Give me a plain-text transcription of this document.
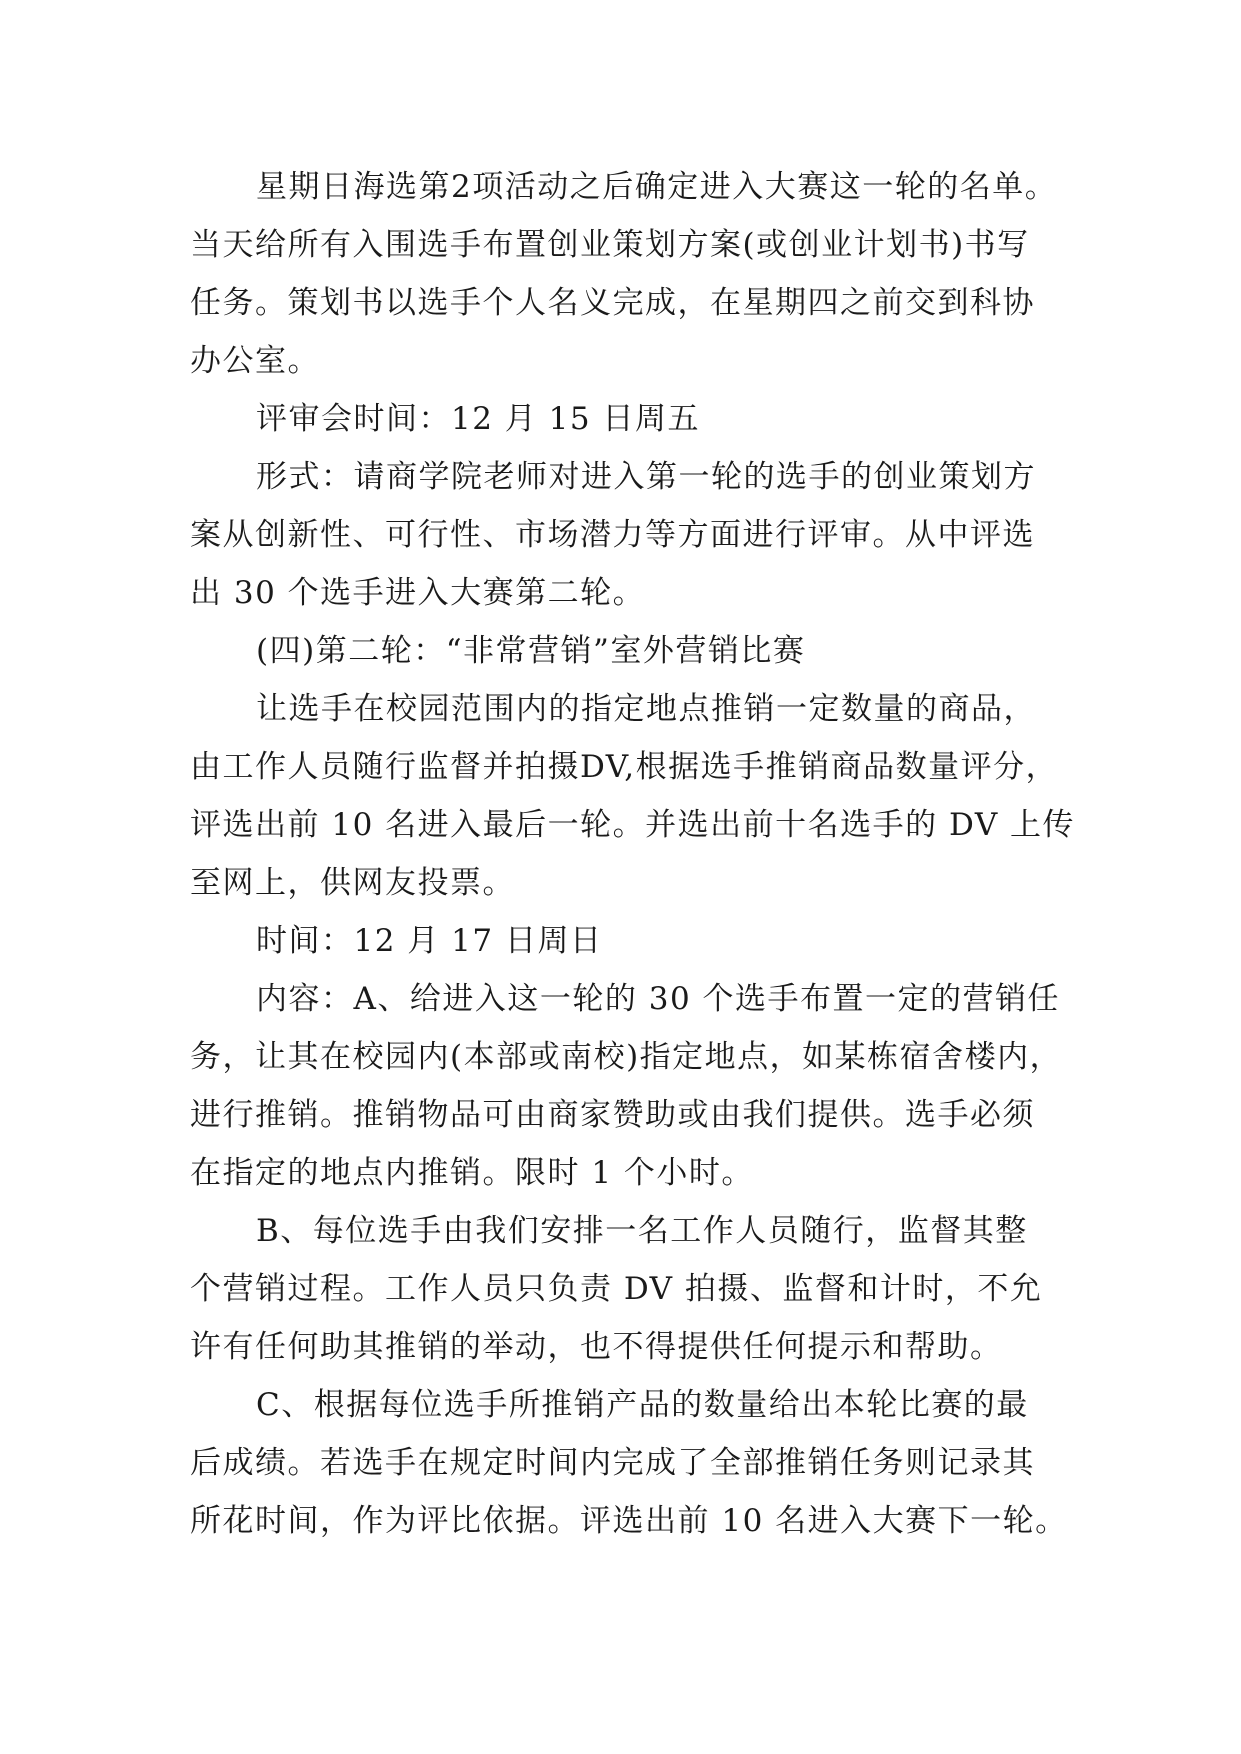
星期日海选第2项活动之后确定进入大赛这一轮的名单。
当天给所有入围选手布置创业策划方案(或创业计划书)书写
任务。策划书以选手个人名义完成，在星期四之前交到科协
办公室。
评审会时间：12 月 15 日周五
形式：请商学院老师对进入第一轮的选手的创业策划方
案从创新性、可行性、市场潜力等方面进行评审。从中评选
出 30 个选手进入大赛第二轮。
(四)第二轮：“非常营销”室外营销比赛
让选手在校园范围内的指定地点推销一定数量的商品，
由工作人员随行监督并拍摄DV,根据选手推销商品数量评分，
评选出前 10 名进入最后一轮。并选出前十名选手的 DV 上传
至网上，供网友投票。
时间：12 月 17 日周日
内容：A、给进入这一轮的 30 个选手布置一定的营销任
务，让其在校园内(本部或南校)指定地点，如某栋宿舍楼内，
进行推销。推销物品可由商家赞助或由我们提供。选手必须
在指定的地点内推销。限时 1 个小时。
B、每位选手由我们安排一名工作人员随行，监督其整
个营销过程。工作人员只负责 DV 拍摄、监督和计时，不允
许有任何助其推销的举动，也不得提供任何提示和帮助。
C、根据每位选手所推销产品的数量给出本轮比赛的最
后成绩。若选手在规定时间内完成了全部推销任务则记录其
所花时间，作为评比依据。评选出前 10 名进入大赛下一轮。
